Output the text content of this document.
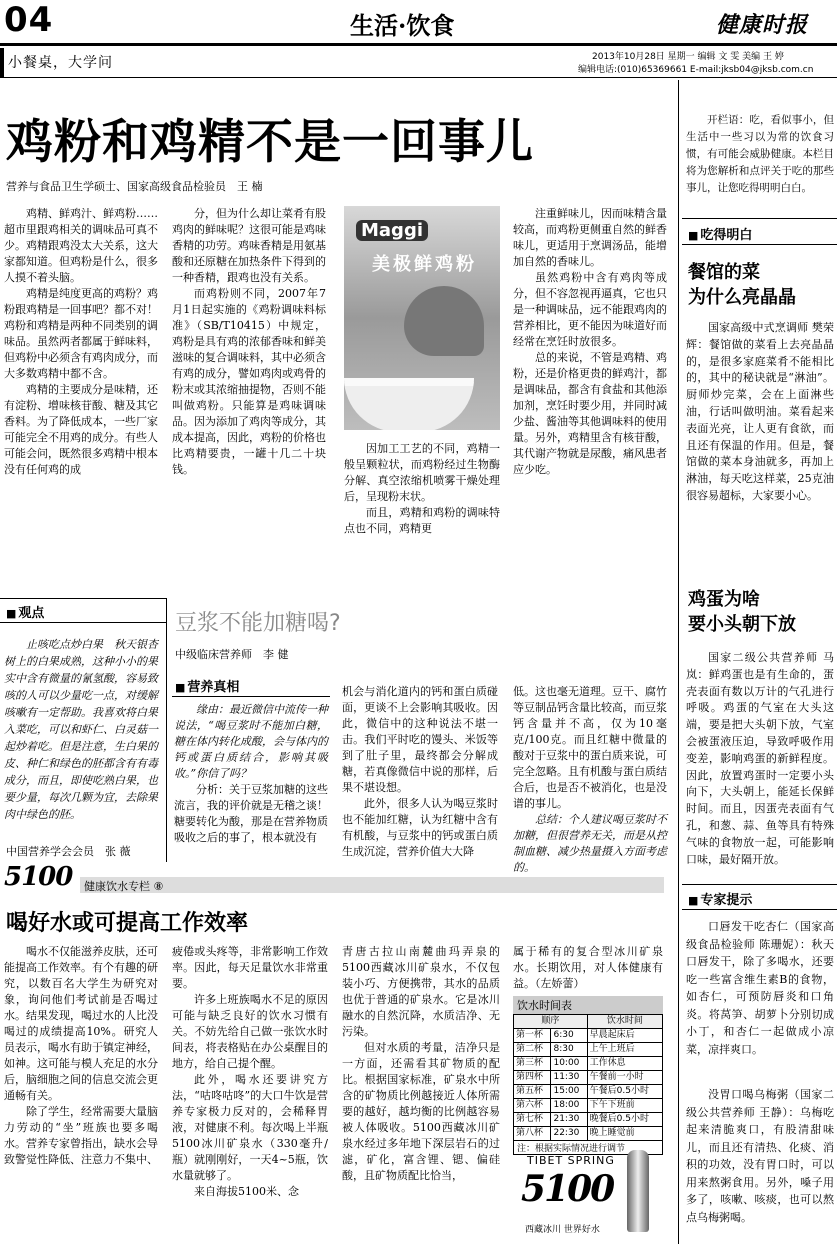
04	生活·饮食	健康时报
小餐桌，大学问	2013年10月28日 星期一 编辑 文 雯 美编 王 婷
编辑电话:(010)65369661 E-mail:jksb04@jksb.com.cn
鸡粉和鸡精不是一回事儿
营养与食品卫生学硕士、国家高级食品检验员　王 楠

鸡精、鲜鸡汁、鲜鸡粉……超市里跟鸡相关的调味品可真不少。鸡精跟鸡没太大关系，这大家都知道。但鸡粉是什么，很多人摸不着头脑。

鸡精是纯度更高的鸡粉？鸡粉跟鸡精是一回事吧？都不对！鸡粉和鸡精是两种不同类别的调味品。虽然两者都属于鲜味料，但鸡粉中必须含有鸡肉成分，而大多数鸡精中都不含。

鸡精的主要成分是味精，还有淀粉、增味核苷酸、糖及其它香料。为了降低成本，一些厂家可能完全不用鸡的成分。有些人可能会问，既然很多鸡精中根本没有任何鸡的成

分，但为什么却让菜肴有股鸡肉的鲜味呢？这很可能是鸡味香精的功劳。鸡味香精是用氨基酸和还原糖在加热条件下得到的一种香精，跟鸡也没有关系。

而鸡粉则不同，2007年7月1日起实施的《鸡粉调味料标准》（SB/T10415）中规定，鸡粉是具有鸡的浓郁香味和鲜美滋味的复合调味料，其中必须含有鸡的成分，譬如鸡肉或鸡骨的粉末或其浓缩抽提物，否则不能叫做鸡粉。只能算是鸡味调味品。因为添加了鸡肉等成分，其成本提高，因此，鸡粉的价格也比鸡精要贵，一罐十几二十块钱。

Maggi
美极鲜鸡粉

因加工工艺的不同，鸡精一般呈颗粒状，而鸡粉经过生物酶分解、真空浓缩机喷雾干燥处理后，呈现粉末状。

而且，鸡精和鸡粉的调味特点也不同，鸡精更

注重鲜味儿，因而味精含量较高，而鸡粉更侧重自然的鲜香味儿，更适用于烹调汤品，能增加自然的香味儿。

虽然鸡粉中含有鸡肉等成分，但不容忽视再逼真，它也只是一种调味品，远不能跟鸡肉的营养相比，更不能因为味道好而经常在烹饪时放很多。

总的来说，不管是鸡精、鸡粉，还是价格更贵的鲜鸡汁，都是调味品，都含有食盐和其他添加剂，烹饪时要少用，并同时减少盐、酱油等其他调味料的使用量。另外，鸡精里含有核苷酸，其代谢产物就是尿酸，痛风患者应少吃。

开栏语：吃，看似事小，但生活中一些习以为常的饮食习惯，有可能会威胁健康。本栏目将为您解析和点评关于吃的那些事儿，让您吃得明明白白。
■ 吃得明白
餐馆的菜
为什么亮晶晶
国家高级中式烹调师 樊荣辉：餐馆做的菜看上去亮晶晶的，是很多家庭菜肴不能相比的，其中的秘诀就是“淋油”。厨师炒完菜，会在上面淋些油，行话叫做明油。菜看起来表面光亮，让人更有食欲，而且还有保温的作用。但是，餐馆做的菜本身油就多，再加上淋油，每天吃这样菜，25克油很容易超标，大家要小心。
鸡蛋为啥
要小头朝下放
国家二级公共营养师 马岚：鲜鸡蛋也是有生命的，蛋壳表面有数以万计的气孔进行呼吸。鸡蛋的气室在大头这端，要是把大头朝下放，气室会被蛋液压迫，导致呼吸作用变差，影响鸡蛋的新鲜程度。因此，放置鸡蛋时一定要小头向下，大头朝上，能延长保鲜时间。而且，因蛋壳表面有气孔，和葱、蒜、鱼等具有特殊气味的食物放一起，可能影响口味，最好隔开放。
■ 专家提示
口唇发干吃杏仁（国家高级食品检验师 陈珊妮）：秋天口唇发干，除了多喝水，还要吃一些富含维生素B的食物，如杏仁，可预防唇炎和口角炎。将莴笋、胡萝卜分别切成小丁，和杏仁一起做成小凉菜，凉拌爽口。
没胃口喝乌梅粥（国家二级公共营养师 王静）：乌梅吃起来清脆爽口，有股清甜味儿，而且还有清热、化痰、消积的功效，没有胃口时，可以用来熬粥食用。另外，嗓子用多了，咳嗽、咳痰，也可以熬点乌梅粥喝。
■ 观点
止咳吃点炒白果　秋天银杏树上的白果成熟，这种小小的果实中含有微量的氰氢酸，容易致咳的人可以少量吃一点，对缓解咳嗽有一定帮助。我喜欢将白果入菜吃，可以和虾仁、白灵菇一起炒着吃。但是注意，生白果的皮、种仁和绿色的胚都含有有毒成分，而且，即使吃熟白果，也要少量，每次几颗为宜，去除果肉中绿色的胚。
中国营养学会会员　张 薇
豆浆不能加糖喝?
中级临床营养师　李 健
■ 营养真相

缘由：最近微信中流传一种说法，“喝豆浆时不能加白糖，糖在体内转化成酸，会与体内的钙或蛋白质结合，影响其吸收。”你信了吗？

分析：关于豆浆加糖的这些流言，我的评价就是无稽之谈！糖要转化为酸，那是在营养物质吸收之后的事了，根本就没有

机会与消化道内的钙和蛋白质碰面，更谈不上会影响其吸收。因此，微信中的这种说法不堪一击。我们平时吃的馒头、米饭等到了肚子里，最终都会分解成糖，若真像微信中说的那样，后果不堪设想。

此外，很多人认为喝豆浆时也不能加红糖，认为红糖中含有有机酸，与豆浆中的钙或蛋白质生成沉淀，营养价值大大降

低。这也毫无道理。豆干、腐竹等豆制品钙含量比较高，而豆浆钙含量并不高，仅为10毫克/100克。而且红糖中微量的酸对于豆浆中的蛋白质来说，可完全忽略。且有机酸与蛋白质结合后，也是否不被消化，也是没谱的事儿。

总结：个人建议喝豆浆时不加糖，但很营养无关，而是从控制血糖、减少热量摄入方面考虑的。

5100 健康饮水专栏 ⑧
喝好水或可提高工作效率

喝水不仅能滋养皮肤，还可能提高工作效率。有个有趣的研究，以数百名大学生为研究对象，询问他们考试前是否喝过水。结果发现，喝过水的人比没喝过的成绩提高10%。研究人员表示，喝水有助于镇定神经，如神。这可能与模人充足的水分后，脑细胞之间的信息交流会更通畅有关。

除了学生，经常需要大量脑力劳动的“坐”班族也要多喝水。营养专家曾指出，缺水会导致警觉性降低、注意力不集中、

疲倦或头疼等，非常影响工作效率。因此，每天足量饮水非常重要。

许多上班族喝水不足的原因可能与缺乏良好的饮水习惯有关。不妨先给自己做一张饮水时间表，将表格贴在办公桌醒目的地方，给自己提个醒。

此外，喝水还要讲究方法，“咕咚咕咚”的大口牛饮是营养专家极力反对的，会稀释胃液，对健康不利。每次喝上半瓶5100冰川矿泉水（330毫升/瓶）就刚刚好，一天4~5瓶，饮水量就够了。

来自海拔5100米、念

青唐古拉山南麓曲玛弄泉的5100西藏冰川矿泉水，不仅包装小巧、方便携带，其水的品质也优于普通的矿泉水。它是冰川融水的自然沉降，水质洁净、无污染。

但对水质的考量，洁净只是一方面，还需看其矿物质的配比。根据国家标准，矿泉水中所含的矿物质比例越接近人体所需要的越好，越均衡的比例越容易被人体吸收。5100西藏冰川矿泉水经过多年地下深层岩石的过滤，矿化，富含锂、锶、偏硅酸，且矿物质配比恰当，

属于稀有的复合型冰川矿泉水。长期饮用，对人体健康有益。（左娇蕾）
饮水时间表
顺序		饮水时间
第一杯	6:30	早晨起床后
第二杯	8:30	上午上班后
第三杯	10:00	工作休息
第四杯	11:30	午餐前一小时
第五杯	15:00	午餐后0.5小时
第六杯	18:00	下午下班前
第七杯	21:30	晚餐后0.5小时
第八杯	22:30	晚上睡觉前
注：根据实际情况进行调节
TIBET SPRING
5100
西藏冰川 世界好水
